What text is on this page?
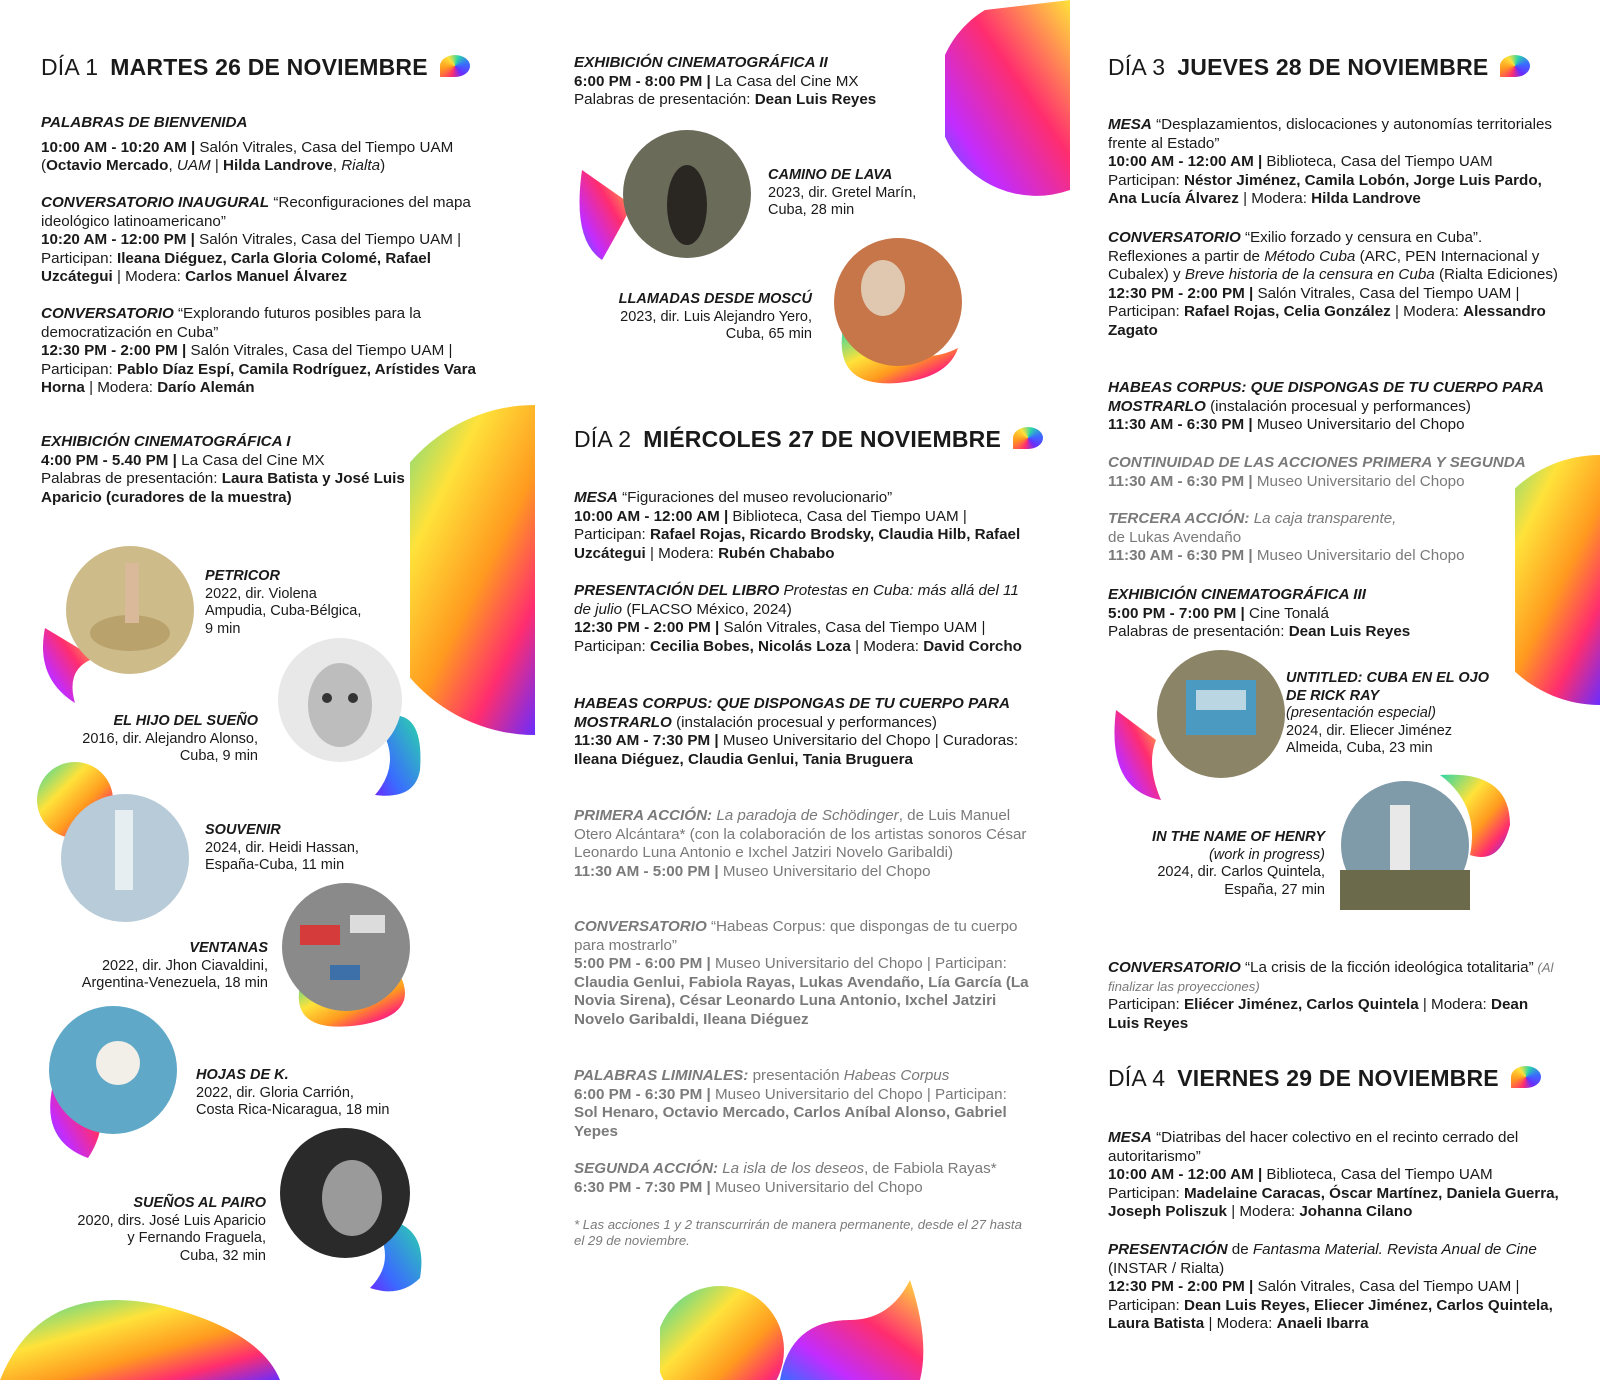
DÍA 1 MARTES 26 DE NOVIEMBRE

PALABRAS DE BIENVENIDA

10:00 AM - 10:20 AM | Salón Vitrales, Casa del Tiempo UAM

(Octavio Mercado, UAM | Hilda Landrove, Rialta)

CONVERSATORIO INAUGURAL “Reconfiguraciones del mapa ideológico latinoamericano”

10:20 AM - 12:00 PM | Salón Vitrales, Casa del Tiempo UAM | Participan: Ileana Diéguez, Carla Gloria Colomé, Rafael Uzcátegui | Modera: Carlos Manuel Álvarez

CONVERSATORIO “Explorando futuros posibles para la democratización en Cuba”

12:30 PM - 2:00 PM | Salón Vitrales, Casa del Tiempo UAM | Participan: Pablo Díaz Espí, Camila Rodríguez, Arístides Vara Horna | Modera: Darío Alemán

EXHIBICIÓN CINEMATOGRÁFICA I

4:00 PM - 5.40 PM | La Casa del Cine MX

Palabras de presentación: Laura Batista y José Luis Aparicio (curadores de la muestra)

PETRICOR
2022, dir. Violena
Ampudia, Cuba-Bélgica,
9 min
EL HIJO DEL SUEÑO
2016, dir. Alejandro Alonso,
Cuba, 9 min
SOUVENIR
2024, dir. Heidi Hassan,
España-Cuba, 11 min
VENTANAS
2022, dir. Jhon Ciavaldini,
Argentina-Venezuela, 18 min
HOJAS DE K.
2022, dir. Gloria Carrión,
Costa Rica-Nicaragua, 18 min
SUEÑOS AL PAIRO
2020, dirs. José Luis Aparicio
y Fernando Fraguela,
Cuba, 32 min

EXHIBICIÓN CINEMATOGRÁFICA II

6:00 PM - 8:00 PM | La Casa del Cine MX

Palabras de presentación: Dean Luis Reyes

CAMINO DE LAVA
2023, dir. Gretel Marín,
Cuba, 28 min
LLAMADAS DESDE MOSCÚ
2023, dir. Luis Alejandro Yero,
Cuba, 65 min
DÍA 2 MIÉRCOLES 27 DE NOVIEMBRE

MESA “Figuraciones del museo revolucionario”

10:00 AM - 12:00 AM | Biblioteca, Casa del Tiempo UAM | Participan: Rafael Rojas, Ricardo Brodsky, Claudia Hilb, Rafael Uzcátegui | Modera: Rubén Chababo

PRESENTACIÓN DEL LIBRO Protestas en Cuba: más allá del 11 de julio (FLACSO México, 2024)

12:30 PM - 2:00 PM | Salón Vitrales, Casa del Tiempo UAM | Participan: Cecilia Bobes, Nicolás Loza | Modera: David Corcho

HABEAS CORPUS: QUE DISPONGAS DE TU CUERPO PARA MOSTRARLO (instalación procesual y performances)

11:30 AM - 7:30 PM | Museo Universitario del Chopo | Curadoras: Ileana Diéguez, Claudia Genlui, Tania Bruguera

PRIMERA ACCIÓN: La paradoja de Schödinger, de Luis Manuel Otero Alcántara* (con la colaboración de los artistas sonoros César Leonardo Luna Antonio e Ixchel Jatziri Novelo Garibaldi)

11:30 AM - 5:00 PM | Museo Universitario del Chopo

CONVERSATORIO “Habeas Corpus: que dispongas de tu cuerpo para mostrarlo”

5:00 PM - 6:00 PM | Museo Universitario del Chopo | Participan: Claudia Genlui, Fabiola Rayas, Lukas Avendaño, Lía García (La Novia Sirena), César Leonardo Luna Antonio, Ixchel Jatziri Novelo Garibaldi, Ileana Diéguez

PALABRAS LIMINALES: presentación Habeas Corpus

6:00 PM - 6:30 PM | Museo Universitario del Chopo | Participan: Sol Henaro, Octavio Mercado, Carlos Aníbal Alonso, Gabriel Yepes

SEGUNDA ACCIÓN: La isla de los deseos, de Fabiola Rayas*

6:30 PM - 7:30 PM | Museo Universitario del Chopo

* Las acciones 1 y 2 transcurrirán de manera permanente, desde el 27 hasta el 29 de noviembre.
DÍA 3 JUEVES 28 DE NOVIEMBRE

MESA “Desplazamientos, dislocaciones y autonomías territoriales frente al Estado”

10:00 AM - 12:00 AM | Biblioteca, Casa del Tiempo UAM

Participan: Néstor Jiménez, Camila Lobón, Jorge Luis Pardo, Ana Lucía Álvarez | Modera: Hilda Landrove

CONVERSATORIO “Exilio forzado y censura en Cuba”. Reflexiones a partir de Método Cuba (ARC, PEN Internacional y Cubalex) y Breve historia de la censura en Cuba (Rialta Ediciones)

12:30 PM - 2:00 PM | Salón Vitrales, Casa del Tiempo UAM | Participan: Rafael Rojas, Celia González | Modera: Alessandro Zagato

HABEAS CORPUS: QUE DISPONGAS DE TU CUERPO PARA MOSTRARLO (instalación procesual y performances)

11:30 AM - 6:30 PM | Museo Universitario del Chopo

CONTINUIDAD DE LAS ACCIONES PRIMERA Y SEGUNDA

11:30 AM - 6:30 PM | Museo Universitario del Chopo

TERCERA ACCIÓN: La caja transparente,

de Lukas Avendaño

11:30 AM - 6:30 PM | Museo Universitario del Chopo

EXHIBICIÓN CINEMATOGRÁFICA III

5:00 PM - 7:00 PM | Cine Tonalá

Palabras de presentación: Dean Luis Reyes

UNTITLED: CUBA EN EL OJO
DE RICK RAY
(presentación especial)
2024, dir. Eliecer Jiménez
Almeida, Cuba, 23 min
IN THE NAME OF HENRY
(work in progress)
2024, dir. Carlos Quintela,
España, 27 min

CONVERSATORIO “La crisis de la ficción ideológica totalitaria” (Al finalizar las proyecciones)

Participan: Eliécer Jiménez, Carlos Quintela | Modera: Dean Luis Reyes

DÍA 4 VIERNES 29 DE NOVIEMBRE

MESA “Diatribas del hacer colectivo en el recinto cerrado del autoritarismo”

10:00 AM - 12:00 AM | Biblioteca, Casa del Tiempo UAM

Participan: Madelaine Caracas, Óscar Martínez, Daniela Guerra, Joseph Poliszuk | Modera: Johanna Cilano

PRESENTACIÓN de Fantasma Material. Revista Anual de Cine (INSTAR / Rialta)

12:30 PM - 2:00 PM | Salón Vitrales, Casa del Tiempo UAM | Participan: Dean Luis Reyes, Eliecer Jiménez, Carlos Quintela, Laura Batista | Modera: Anaeli Ibarra
